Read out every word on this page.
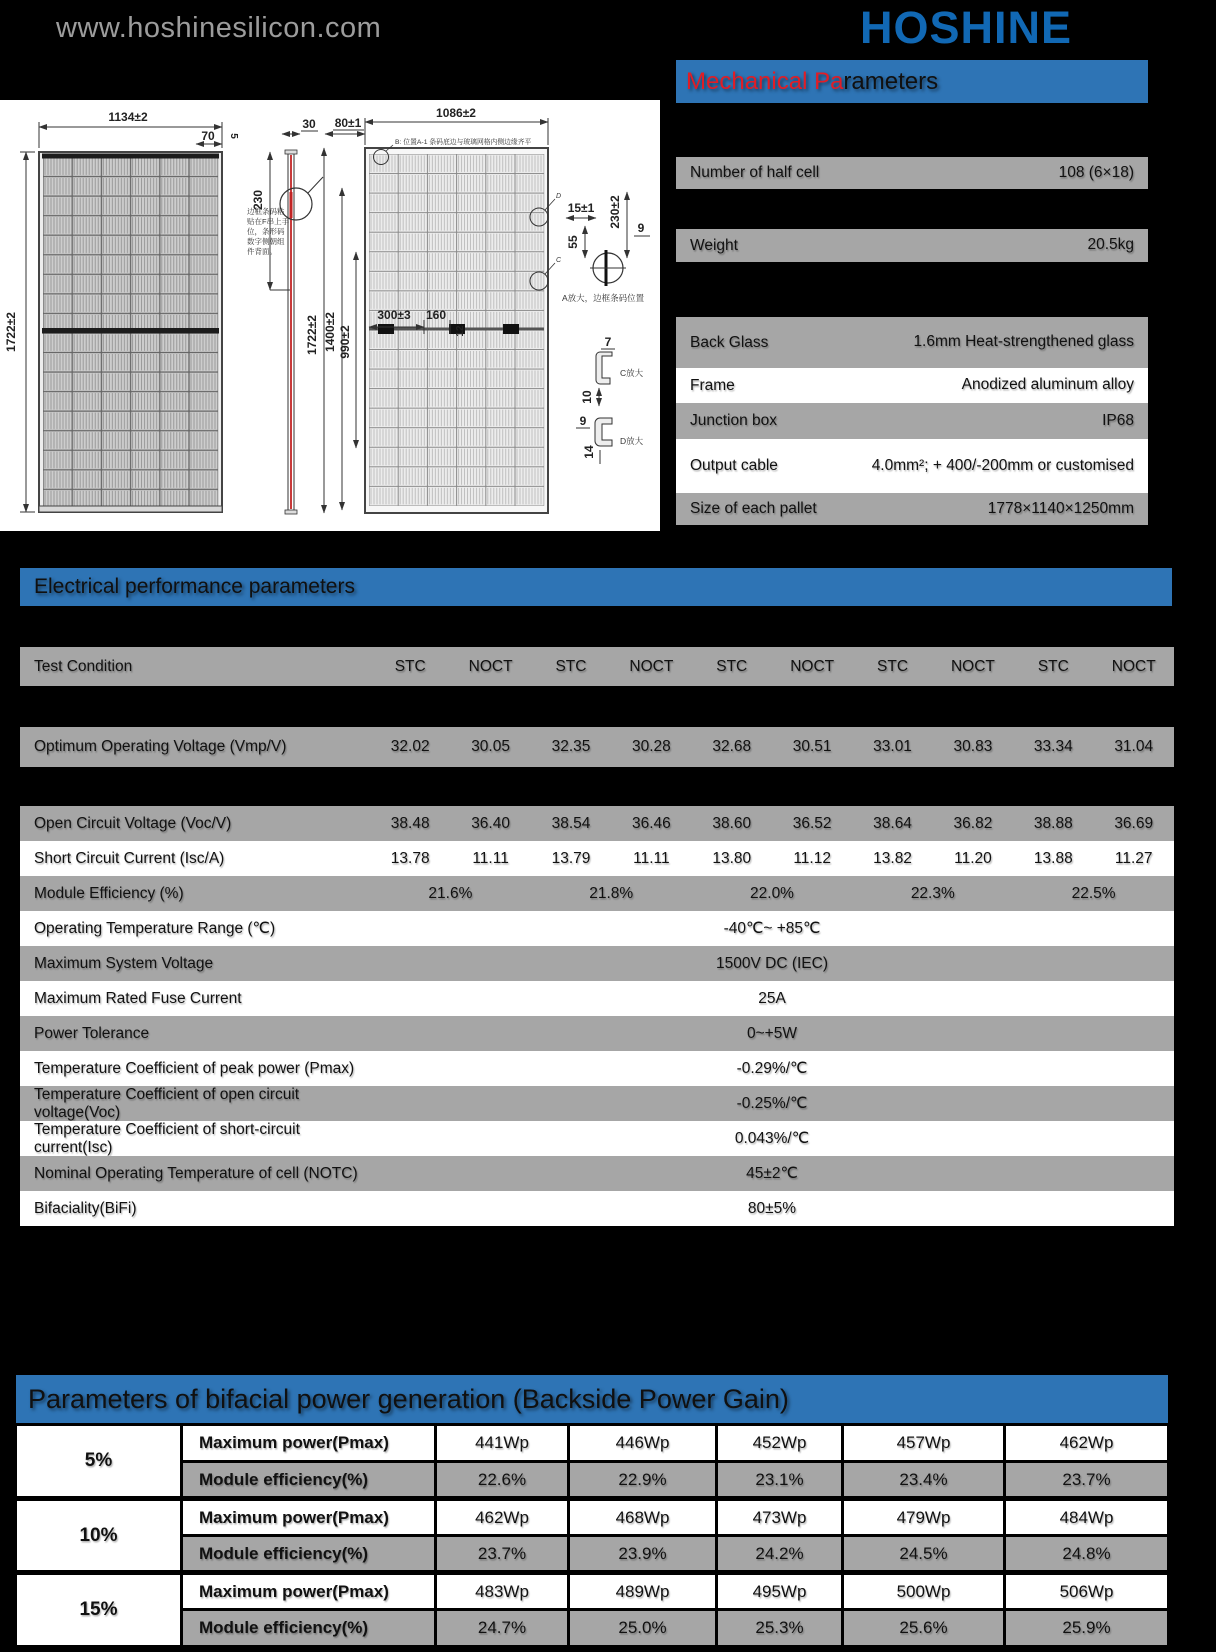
www.hoshinesilicon.com	HOSHINE
Mechanical Parameters
1134±2
70 5
1722±2
30
230
边框条码粘
贴在F串上手
位，条形码
数字侧朝组
件背面。
B: 位置A-1 条码底边与玻璃网格内侧边缘齐平
80±1
1086±2
1722±2 1400±2 990±2
300±3 160
12
D
C
15±1 230±2
55
9
A放大，边框条码位置
7
10
C放大
9
14
D放大
Number of half cell	108 (6×18)
Weight	20.5kg
Back Glass	1.6mm Heat-strengthened glass
Frame	Anodized aluminum alloy
Junction box	IP68
Output cable	4.0mm²; + 400/-200mm or customised
Size of each pallet	1778×1140×1250mm
Electrical performance parameters
Test Condition	STC	NOCT	STC	NOCT	STC	NOCT	STC	NOCT	STC	NOCT
Optimum Operating Voltage (Vmp/V)	32.02	30.05	32.35	30.28	32.68	30.51	33.01	30.83	33.34	31.04
Open Circuit Voltage (Voc/V)	38.48	36.40	38.54	36.46	38.60	36.52	38.64	36.82	38.88	36.69
Short Circuit Current (Isc/A)	13.78	11.11	13.79	11.11	13.80	11.12	13.82	11.20	13.88	11.27
Module Efficiency (%)	21.6%	21.8%	22.0%	22.3%	22.5%
Operating Temperature Range (℃)	-40℃~ +85℃
Maximum System Voltage	1500V DC (IEC)
Maximum Rated Fuse Current	25A
Power Tolerance	0~+5W
Temperature Coefficient of peak power (Pmax)	-0.29%/℃
Temperature Coefficient of open circuit voltage(Voc)	-0.25%/℃
Temperature Coefficient of short-circuit current(Isc)	0.043%/℃
Nominal Operating Temperature of cell (NOTC)	45±2℃
Bifaciality(BiFi)	80±5%
Parameters of bifacial power generation (Backside Power Gain)
5%	Maximum power(Pmax)	441Wp	446Wp	452Wp	457Wp	462Wp
	Module efficiency(%)	22.6%	22.9%	23.1%	23.4%	23.7%
10%	Maximum power(Pmax)	462Wp	468Wp	473Wp	479Wp	484Wp
	Module efficiency(%)	23.7%	23.9%	24.2%	24.5%	24.8%
15%	Maximum power(Pmax)	483Wp	489Wp	495Wp	500Wp	506Wp
	Module efficiency(%)	24.7%	25.0%	25.3%	25.6%	25.9%
